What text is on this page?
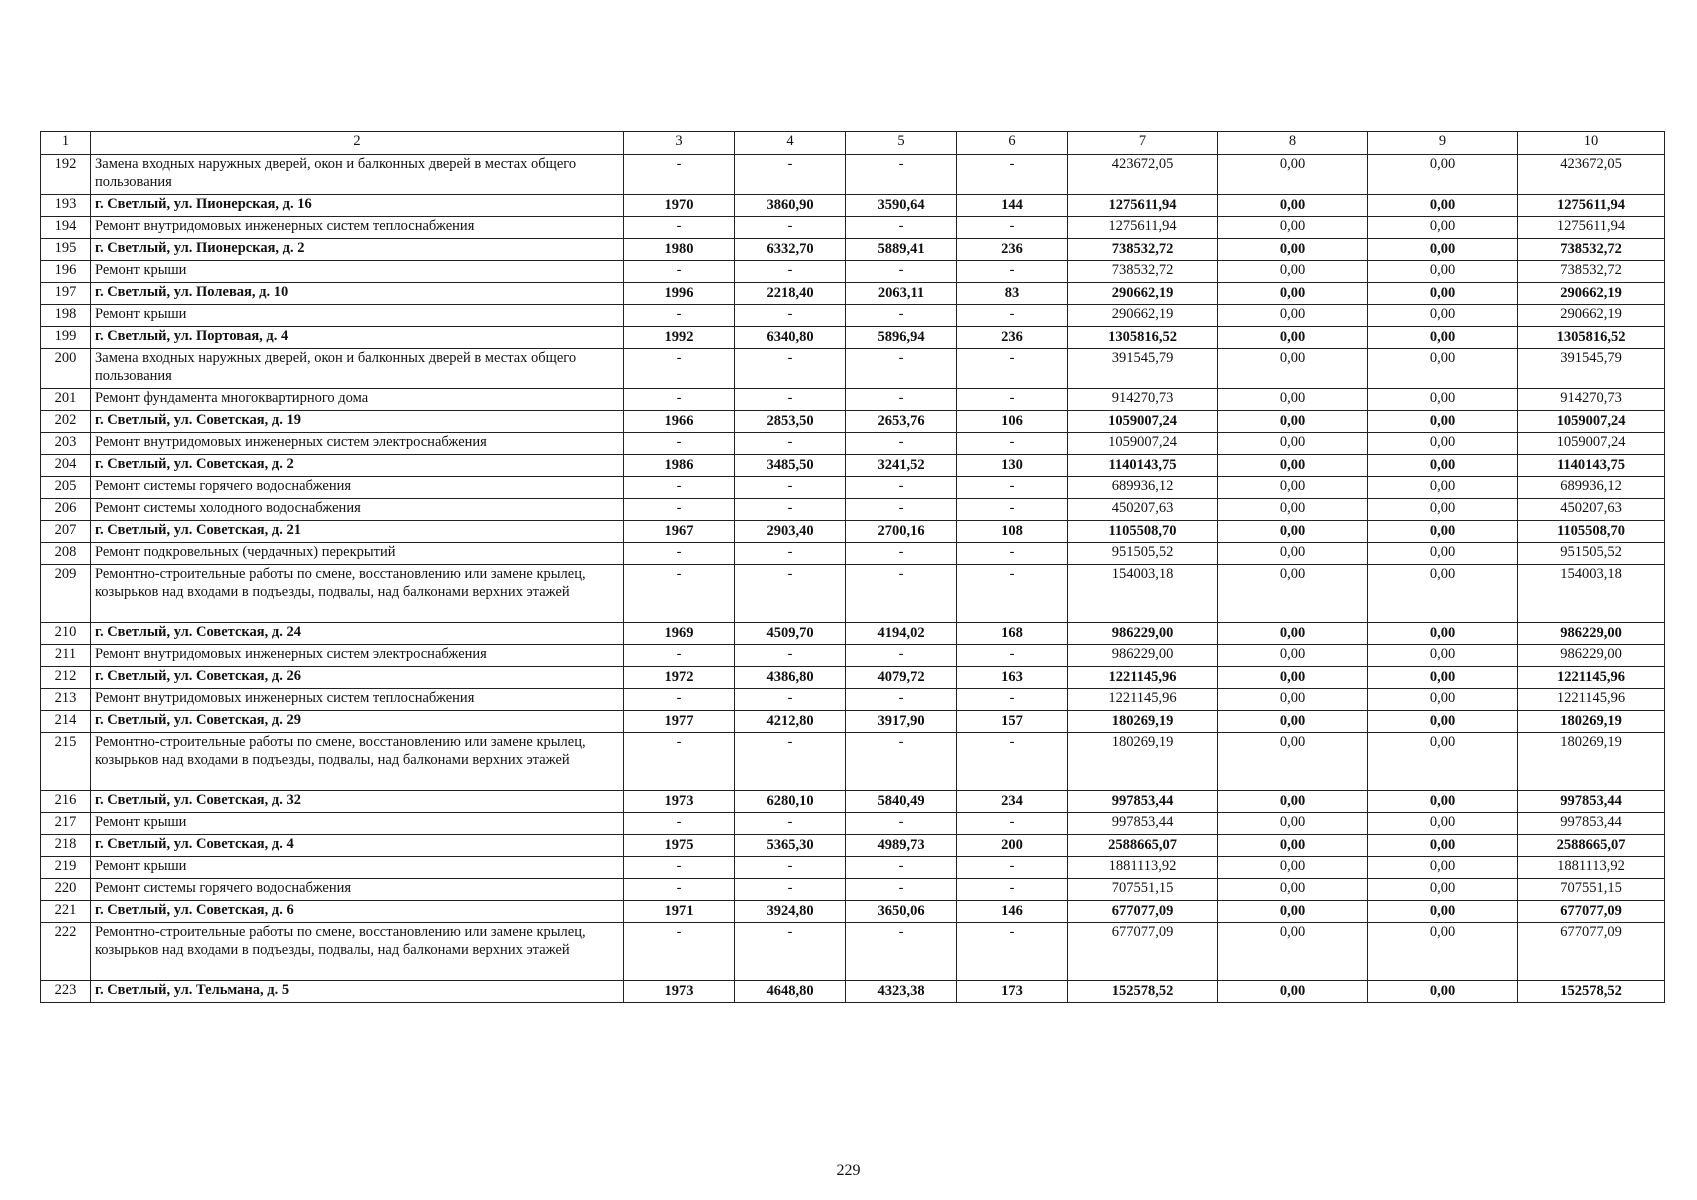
1	2	3	4	5	6	7	8	9	10
192	Замена входных наружных дверей, окон и балконных дверей в местах общего пользования	-	-	-	-	423672,05	0,00	0,00	423672,05
193	г. Светлый, ул. Пионерская, д. 16	1970	3860,90	3590,64	144	1275611,94	0,00	0,00	1275611,94
194	Ремонт внутридомовых инженерных систем теплоснабжения	-	-	-	-	1275611,94	0,00	0,00	1275611,94
195	г. Светлый, ул. Пионерская, д. 2	1980	6332,70	5889,41	236	738532,72	0,00	0,00	738532,72
196	Ремонт крыши	-	-	-	-	738532,72	0,00	0,00	738532,72
197	г. Светлый, ул. Полевая, д. 10	1996	2218,40	2063,11	83	290662,19	0,00	0,00	290662,19
198	Ремонт крыши	-	-	-	-	290662,19	0,00	0,00	290662,19
199	г. Светлый, ул. Портовая, д. 4	1992	6340,80	5896,94	236	1305816,52	0,00	0,00	1305816,52
200	Замена входных наружных дверей, окон и балконных дверей в местах общего пользования	-	-	-	-	391545,79	0,00	0,00	391545,79
201	Ремонт фундамента многоквартирного дома	-	-	-	-	914270,73	0,00	0,00	914270,73
202	г. Светлый, ул. Советская, д. 19	1966	2853,50	2653,76	106	1059007,24	0,00	0,00	1059007,24
203	Ремонт внутридомовых инженерных систем электроснабжения	-	-	-	-	1059007,24	0,00	0,00	1059007,24
204	г. Светлый, ул. Советская, д. 2	1986	3485,50	3241,52	130	1140143,75	0,00	0,00	1140143,75
205	Ремонт системы горячего водоснабжения	-	-	-	-	689936,12	0,00	0,00	689936,12
206	Ремонт системы холодного водоснабжения	-	-	-	-	450207,63	0,00	0,00	450207,63
207	г. Светлый, ул. Советская, д. 21	1967	2903,40	2700,16	108	1105508,70	0,00	0,00	1105508,70
208	Ремонт подкровельных (чердачных) перекрытий	-	-	-	-	951505,52	0,00	0,00	951505,52
209	Ремонтно-строительные работы по смене, восстановлению или замене крылец, козырьков над входами в подъезды, подвалы, над балконами верхних этажей	-	-	-	-	154003,18	0,00	0,00	154003,18
210	г. Светлый, ул. Советская, д. 24	1969	4509,70	4194,02	168	986229,00	0,00	0,00	986229,00
211	Ремонт внутридомовых инженерных систем электроснабжения	-	-	-	-	986229,00	0,00	0,00	986229,00
212	г. Светлый, ул. Советская, д. 26	1972	4386,80	4079,72	163	1221145,96	0,00	0,00	1221145,96
213	Ремонт внутридомовых инженерных систем теплоснабжения	-	-	-	-	1221145,96	0,00	0,00	1221145,96
214	г. Светлый, ул. Советская, д. 29	1977	4212,80	3917,90	157	180269,19	0,00	0,00	180269,19
215	Ремонтно-строительные работы по смене, восстановлению или замене крылец, козырьков над входами в подъезды, подвалы, над балконами верхних этажей	-	-	-	-	180269,19	0,00	0,00	180269,19
216	г. Светлый, ул. Советская, д. 32	1973	6280,10	5840,49	234	997853,44	0,00	0,00	997853,44
217	Ремонт крыши	-	-	-	-	997853,44	0,00	0,00	997853,44
218	г. Светлый, ул. Советская, д. 4	1975	5365,30	4989,73	200	2588665,07	0,00	0,00	2588665,07
219	Ремонт крыши	-	-	-	-	1881113,92	0,00	0,00	1881113,92
220	Ремонт системы горячего водоснабжения	-	-	-	-	707551,15	0,00	0,00	707551,15
221	г. Светлый, ул. Советская, д. 6	1971	3924,80	3650,06	146	677077,09	0,00	0,00	677077,09
222	Ремонтно-строительные работы по смене, восстановлению или замене крылец, козырьков над входами в подъезды, подвалы, над балконами верхних этажей	-	-	-	-	677077,09	0,00	0,00	677077,09
223	г. Светлый, ул. Тельмана, д. 5	1973	4648,80	4323,38	173	152578,52	0,00	0,00	152578,52
229
